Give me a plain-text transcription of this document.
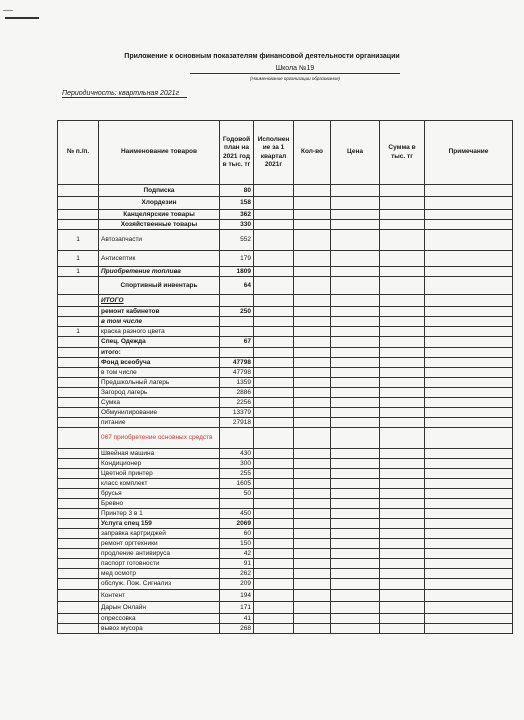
Приложение к основным показателям финансовой деятельности организации
Школа №19
(Наименование организации образования)
Периодичность: квартльная 2021г
№ п./п.	Наименование товаров	Годовой план на 2021 год в тыс. тг	Исполнен ие за 1 квартал 2021г	Кол-во	Цена	Сумма в тыс. тг	Примечание
	Подписка	80					
	Хлордезин	158					
	Канцелярские товары	362					
	Хозяйственные товары	330					
1	Автозапчасти	552					
1	Антисептик	179					
1	Приобретение топлива	1809					
	Спортивный инвентарь	64					
	ИТОГО						
	ремонт кабинетов	250					
	в том числе						
1	краска разного цвета						
	Спец. Одежда	67					
	итого:						
	Фонд всеобуча	47798					
	в том числе	47798					
	Предшкольный лагерь	1359					
	Загород лагерь	2886					
	Сумка	2256					
	Обмунилирование	13379					
	питание	27918					
	067 приобретение основных средств						
	Швейная машина	430					
	Кондиционер	300					
	Цветной принтер	255					
	класс комплект	1605					
	брусья	50					
	Бревно						
	Принтер 3 в 1	450					
	Услуга спец 159	2069					
	заправка картриджей	60					
	ремонт оргтехники	150					
	продление антивируса	42					
	паспорт готовности	91					
	мед осмотр	262					
	обслуж. Пож. Сигнализ	209					
	Контент	194					
	Дарын Онлайн	171					
	опрессовка	41					
	вывоз мусора	268					
